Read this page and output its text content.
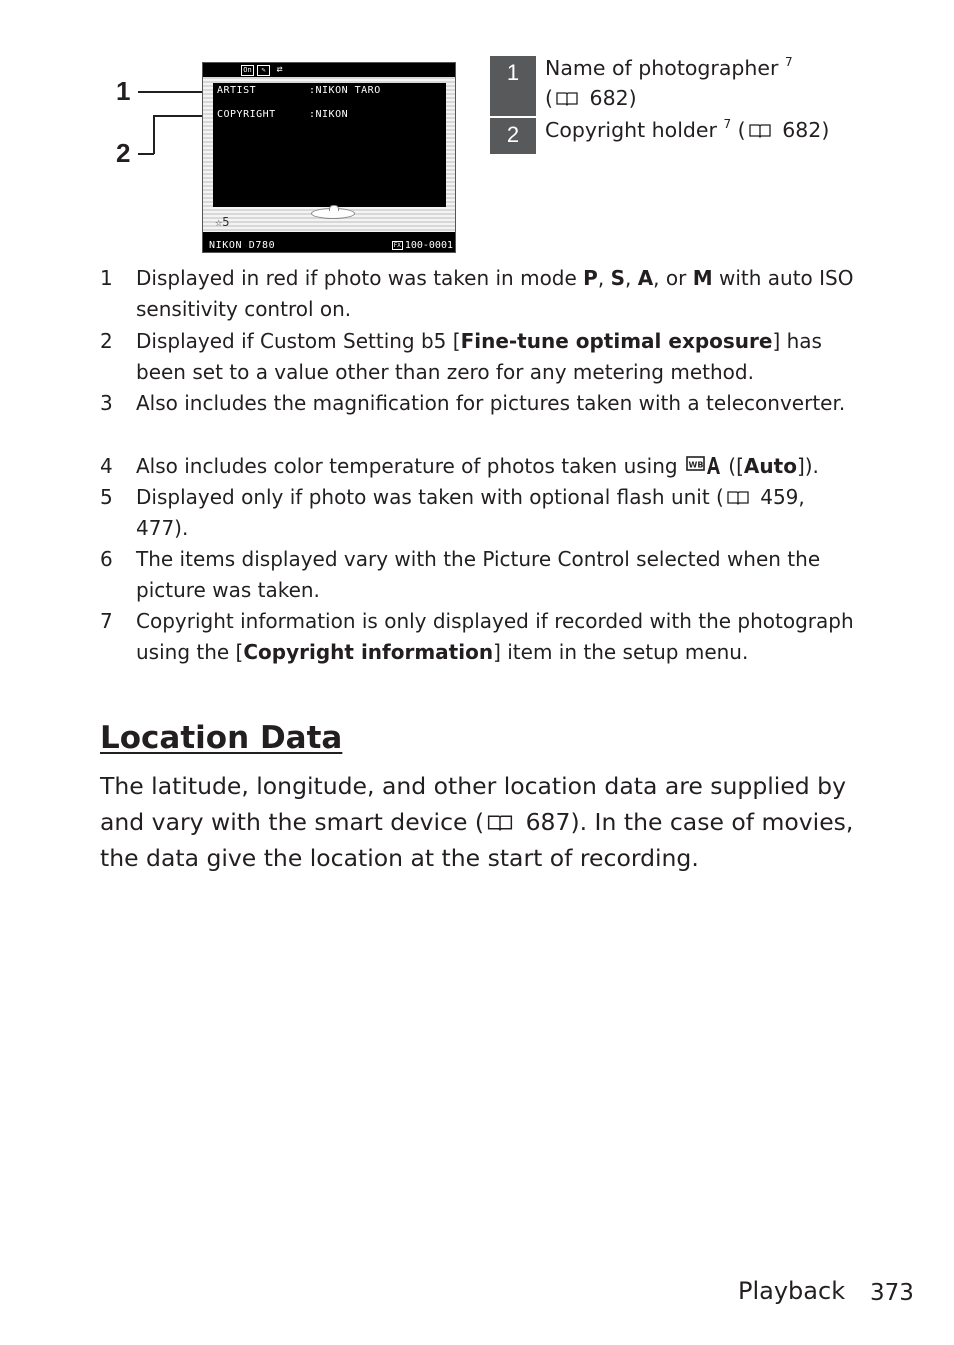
1
2
On	✎	⇄
ARTIST	:NIKON TARO
COPYRIGHT	:NIKON
☆5
NIKON D780	FX 100-0001
1	Name of photographer $^7$
( 682)
2	Copyright holder $^7$ ( 682)
1 Displayed in red if photo was taken in mode P, S, A, or M with auto ISO sensitivity control on.
2 Displayed if Custom Setting b5 [Fine-tune optimal exposure] has been set to a value other than zero for any metering method.
3 Also includes the magnification for pictures taken with a teleconverter.
4 Also includes color temperature of photos taken using WB ([Auto]).
5 Displayed only if photo was taken with optional flash unit ( 459, 477).
6 The items displayed vary with the Picture Control selected when the picture was taken.
7 Copyright information is only displayed if recorded with the photograph using the [Copyright information] item in the setup menu.
Location Data
The latitude, longitude, and other location data are supplied by and vary with the smart device ( 687). In the case of movies, the data give the location at the start of recording.
Playback 373
